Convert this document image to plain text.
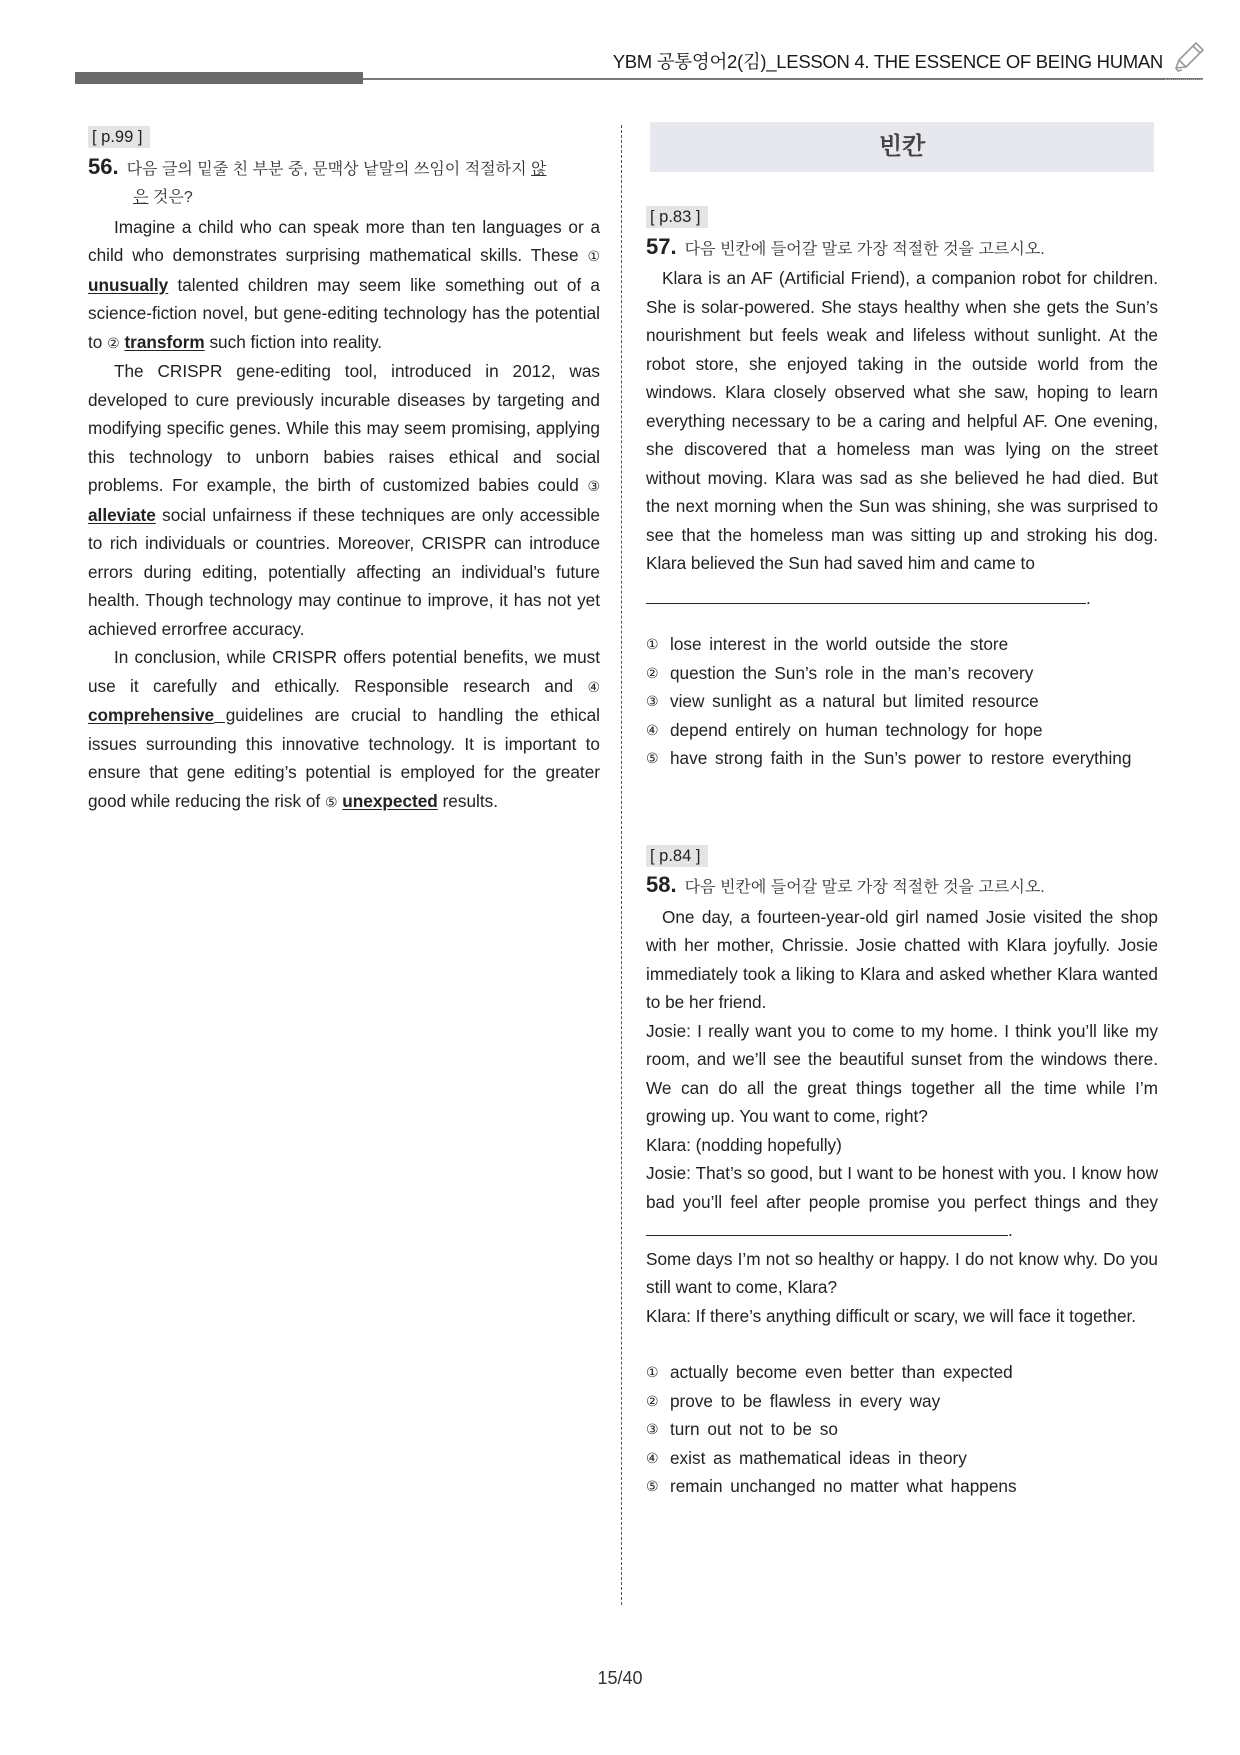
YBM 공통영어2(김)_LESSON 4. THE ESSENCE OF BEING HUMAN
[ p.99 ]
56. 다음 글의 밑줄 친 부분 중, 문맥상 낱말의 쓰임이 적절하지 않
은 것은?

Imagine a child who can speak more than ten languages or a child who demonstrates surprising mathematical skills. These ① unusually talented children may seem like something out of a science-fiction novel, but gene-editing technology has the potential to ② transform such fiction into reality.

The CRISPR gene-editing tool, introduced in 2012, was developed to cure previously incurable diseases by targeting and modifying specific genes. While this may seem promising, applying this technology to unborn babies raises ethical and social problems. For example, the birth of customized babies could ③ alleviate social unfairness if these techniques are only accessible to rich individuals or countries. Moreover, CRISPR can introduce errors during editing, potentially affecting an individual’s future health. Though technology may continue to improve, it has not yet achieved errorfree accuracy.

In conclusion, while CRISPR offers potential benefits, we must use it carefully and ethically. Responsible research and ④ comprehensive guidelines are crucial to handling the ethical issues surrounding this innovative technology. It is important to ensure that gene editing’s potential is employed for the greater good while reducing the risk of ⑤ unexpected results.

빈칸
[ p.83 ]
57. 다음 빈칸에 들어갈 말로 가장 적절한 것을 고르시오.

Klara is an AF (Artificial Friend), a companion robot for children. She is solar-powered. She stays healthy when she gets the Sun’s nourishment but feels weak and lifeless without sunlight. At the robot store, she enjoyed taking in the outside world from the windows. Klara closely observed what she saw, hoping to learn everything necessary to be a caring and helpful AF. One evening, she discovered that a homeless man was lying on the street without moving. Klara was sad as she believed he had died. But the next morning when the Sun was shining, she was surprised to see that the homeless man was sitting up and stroking his dog. Klara believed the Sun had saved him and came to

.
① lose interest in the world outside the store
② question the Sun’s role in the man’s recovery
③ view sunlight as a natural but limited resource
④ depend entirely on human technology for hope
⑤ have strong faith in the Sun’s power to restore everything
[ p.84 ]
58. 다음 빈칸에 들어갈 말로 가장 적절한 것을 고르시오.

One day, a fourteen-year-old girl named Josie visited the shop with her mother, Chrissie. Josie chatted with Klara joyfully. Josie immediately took a liking to Klara and asked whether Klara wanted to be her friend.

Josie: I really want you to come to my home. I think you’ll like my room, and we’ll see the beautiful sunset from the windows there. We can do all the great things together all the time while I’m growing up. You want to come, right?

Klara: (nodding hopefully)

Josie: That’s so good, but I want to be honest with you. I know how bad you’ll feel after people promise you perfect things and they .

Some days I’m not so healthy or happy. I do not know why. Do you still want to come, Klara?

Klara: If there’s anything difficult or scary, we will face it together.

① actually become even better than expected
② prove to be flawless in every way
③ turn out not to be so
④ exist as mathematical ideas in theory
⑤ remain unchanged no matter what happens
15/40
